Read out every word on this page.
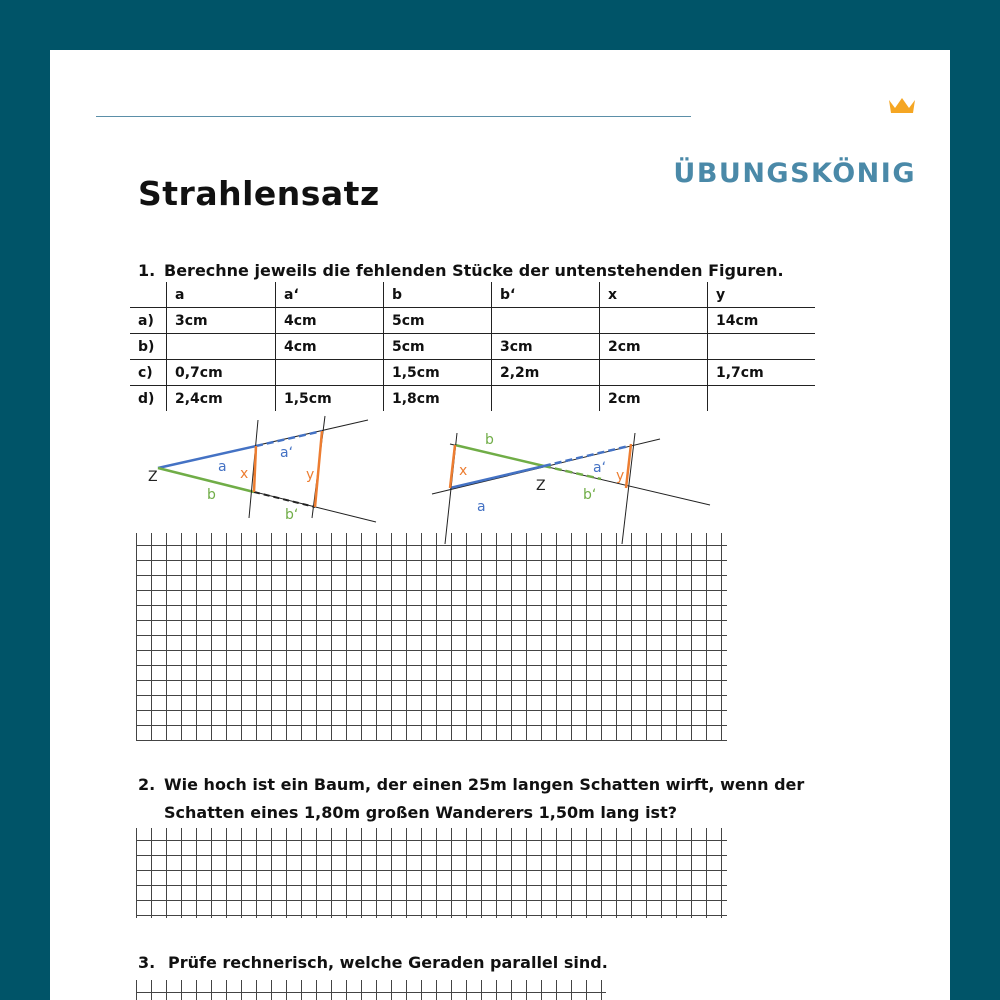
ÜBUNGSKÖNIG
Strahlensatz
1. Berechne jeweils die fehlenden Stücke der untenstehenden Figuren.
	a	a‘	b	b‘	x	y
a)	3cm	4cm	5cm			14cm
b)		4cm	5cm	3cm	2cm	
c)	0,7cm		1,5cm	2,2m		1,7cm
d)	2,4cm	1,5cm	1,8cm		2cm	
Z
a
a‘
x	y
b
b‘
b
x
a
Z
a‘ y
b‘
2. Wie hoch ist ein Baum, der einen 25m langen Schatten wirft, wenn der
Schatten eines 1,80m großen Wanderers 1,50m lang ist?
3. Prüfe rechnerisch, welche Geraden parallel sind.
